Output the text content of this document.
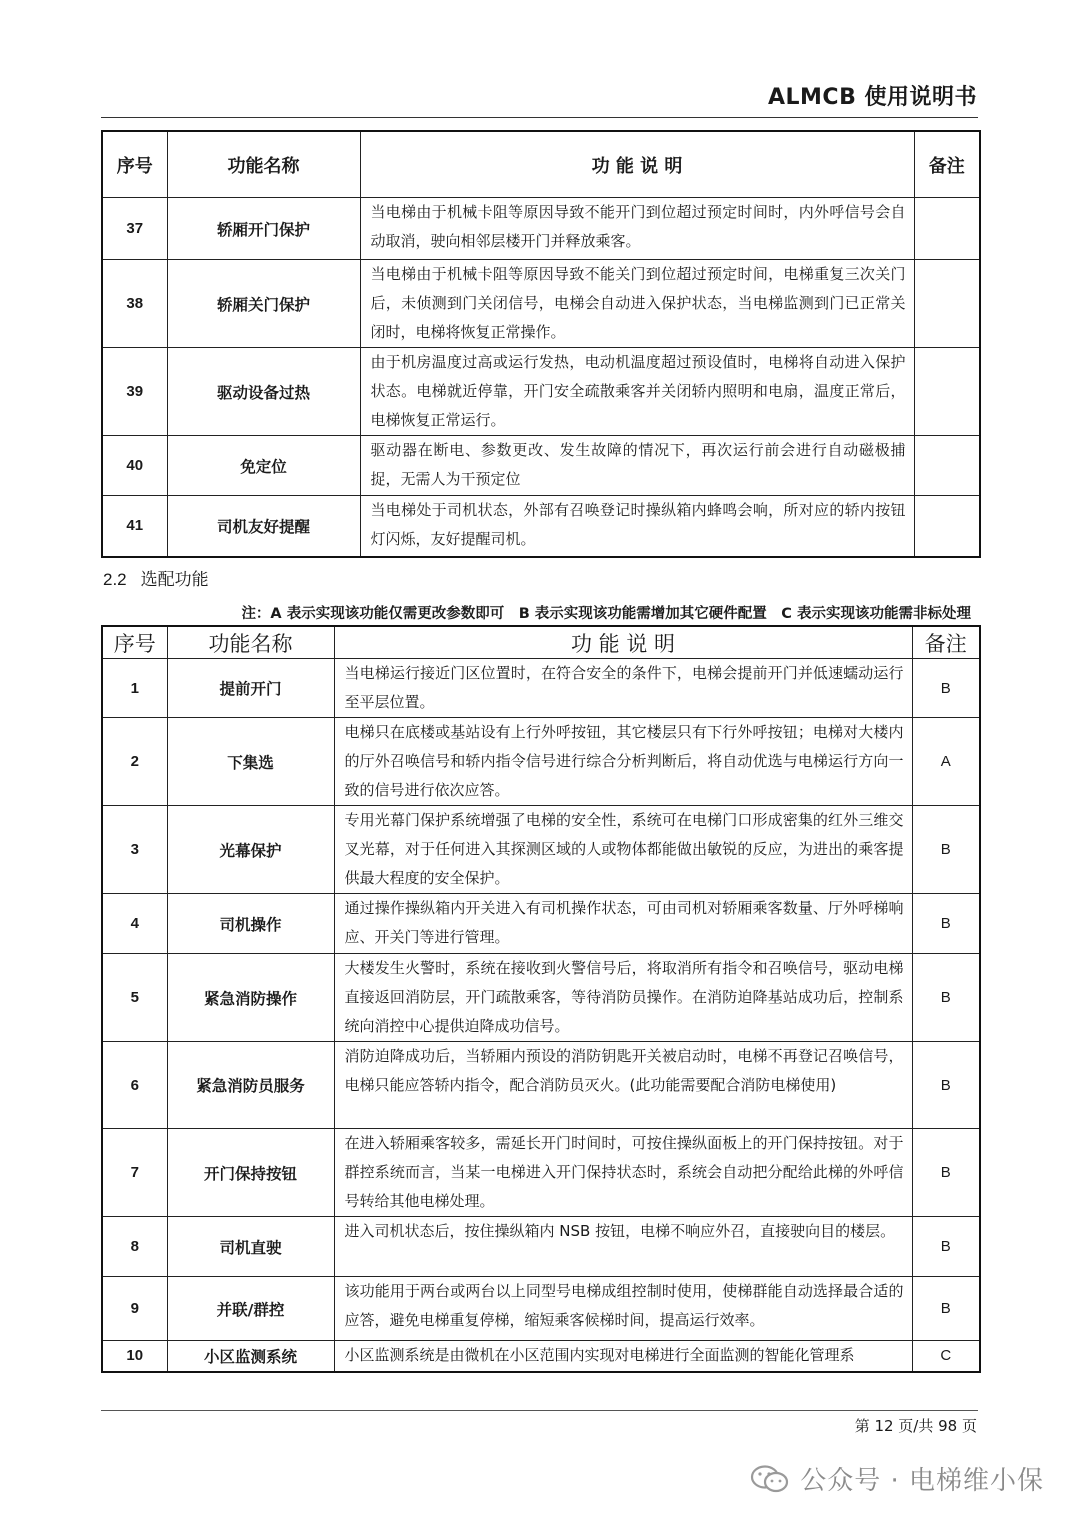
ALMCB 使用说明书
序号	功能名称	功 能 说 明	备注
37	轿厢开门保护	当电梯由于机械卡阻等原因导致不能开门到位超过预定时间时，内外呼信号会自动取消，驶向相邻层楼开门并释放乘客。	
38	轿厢关门保护	当电梯由于机械卡阻等原因导致不能关门到位超过预定时间，电梯重复三次关门后，未侦测到门关闭信号，电梯会自动进入保护状态，当电梯监测到门已正常关闭时，电梯将恢复正常操作。	
39	驱动设备过热	由于机房温度过高或运行发热，电动机温度超过预设值时，电梯将自动进入保护状态。电梯就近停靠，开门安全疏散乘客并关闭轿内照明和电扇，温度正常后，电梯恢复正常运行。	
40	免定位	驱动器在断电、参数更改、发生故障的情况下，再次运行前会进行自动磁极捕捉，无需人为干预定位	
41	司机友好提醒	当电梯处于司机状态，外部有召唤登记时操纵箱内蜂鸣会响，所对应的轿内按钮灯闪烁，友好提醒司机。	
2.2 选配功能
注：A 表示实现该功能仅需更改参数即可　B 表示实现该功能需增加其它硬件配置　C 表示实现该功能需非标处理
序号	功能名称	功 能 说 明	备注
1	提前开门	当电梯运行接近门区位置时，在符合安全的条件下，电梯会提前开门并低速蠕动运行至平层位置。	B
2	下集选	电梯只在底楼或基站设有上行外呼按钮，其它楼层只有下行外呼按钮；电梯对大楼内的厅外召唤信号和轿内指令信号进行综合分析判断后，将自动优选与电梯运行方向一致的信号进行依次应答。	A
3	光幕保护	专用光幕门保护系统增强了电梯的安全性，系统可在电梯门口形成密集的红外三维交叉光幕，对于任何进入其探测区域的人或物体都能做出敏锐的反应，为进出的乘客提供最大程度的安全保护。	B
4	司机操作	通过操作操纵箱内开关进入有司机操作状态，可由司机对轿厢乘客数量、厅外呼梯响应、开关门等进行管理。	B
5	紧急消防操作	大楼发生火警时，系统在接收到火警信号后，将取消所有指令和召唤信号，驱动电梯直接返回消防层，开门疏散乘客，等待消防员操作。在消防迫降基站成功后，控制系统向消控中心提供迫降成功信号。	B
6	紧急消防员服务	消防迫降成功后，当轿厢内预设的消防钥匙开关被启动时，电梯不再登记召唤信号，电梯只能应答轿内指令，配合消防员灭火。(此功能需要配合消防电梯使用)	B
7	开门保持按钮	在进入轿厢乘客较多，需延长开门时间时，可按住操纵面板上的开门保持按钮。对于群控系统而言，当某一电梯进入开门保持状态时，系统会自动把分配给此梯的外呼信号转给其他电梯处理。	B
8	司机直驶	进入司机状态后，按住操纵箱内 NSB 按钮，电梯不响应外召，直接驶向目的楼层。	B
9	并联/群控	该功能用于两台或两台以上同型号电梯成组控制时使用，使梯群能自动选择最合适的应答，避免电梯重复停梯，缩短乘客候梯时间，提高运行效率。	B
10	小区监测系统	小区监测系统是由微机在小区范围内实现对电梯进行全面监测的智能化管理系	C
第 12 页/共 98 页
公众号 · 电梯维小保
